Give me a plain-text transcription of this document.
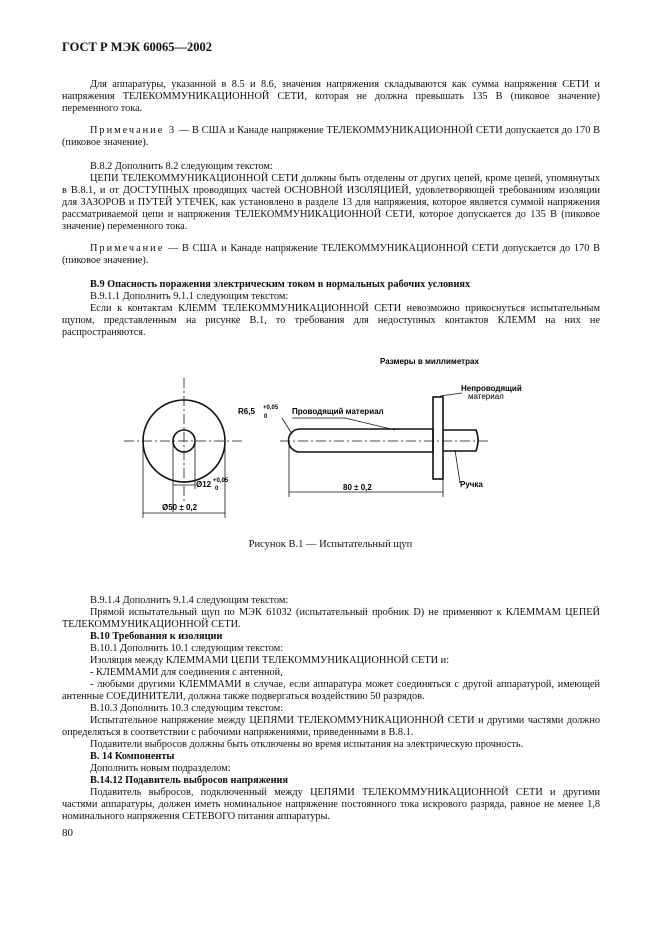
ГОСТ Р МЭК 60065—2002

Для аппаратуры, указанной в 8.5 и 8.6, значения напряжения складываются как сумма напряжения СЕТИ и напряжения ТЕЛЕКОММУНИКАЦИОННОЙ СЕТИ, которая не должна превышать 135 В (пиковое значение) переменного тока.

Примечание 3 — В США и Канаде напряжение ТЕЛЕКОММУНИКАЦИОННОЙ СЕТИ допускается до 170 В (пиковое значение).

В.8.2 Дополнить 8.2 следующим текстом:

ЦЕПИ ТЕЛЕКОММУНИКАЦИОННОЙ СЕТИ должны быть отделены от других цепей, кроме цепей, упомянутых в В.8.1, и от ДОСТУПНЫХ проводящих частей ОСНОВНОЙ ИЗОЛЯЦИЕЙ, удовлетворяющей требованиям изоляции для ЗАЗОРОВ и ПУТЕЙ УТЕЧЕК, как установлено в разделе 13 для напряжения, которое является суммой напряжения рассматриваемой цепи и напряжения ТЕЛЕКОММУНИКАЦИОННОЙ СЕТИ, которое допускается до 135 В (пиковое значение) переменного тока.

Примечание — В США и Канаде напряжение ТЕЛЕКОММУНИКАЦИОННОЙ СЕТИ допускается до 170 В (пиковое значение).

В.9 Опасность поражения электрическим током в нормальных рабочих условиях

В.9.1.1 Дополнить 9.1.1 следующим текстом:

Если к контактам КЛЕММ ТЕЛЕКОММУНИКАЦИОННОЙ СЕТИ невозможно прикоснуться испытательным щупом, представленным на рисунке В.1, то требования для недоступных контактов КЛЕММ на них не распространяются.

Размеры в миллиметрах
Ø12 +0,05
0
Ø50 ± 0,2
R6,5 +0,05
0
Проводящий материал
Непроводящий
материал
Ручка
80 ± 0,2
Рисунок В.1 — Испытательный щуп

В.9.1.4 Дополнить 9.1.4 следующим текстом:

Прямой испытательный щуп по МЭК 61032 (испытательный пробник D) не применяют к КЛЕММАМ ЦЕПЕЙ ТЕЛЕКОММУНИКАЦИОННОЙ СЕТИ.

В.10 Требования к изоляции

В.10.1 Дополнить 10.1 следующим текстом:

Изоляция между КЛЕММАМИ ЦЕПИ ТЕЛЕКОММУНИКАЦИОННОЙ СЕТИ и:

- КЛЕММАМИ для соединения с антенной,

- любыми другими КЛЕММАМИ в случае, если аппаратура может соединяться с другой аппаратурой, имеющей антенные СОЕДИНИТЕЛИ, должна также подвергаться воздействию 50 разрядов.

В.10.3 Дополнить 10.3 следующим текстом:

Испытательное напряжение между ЦЕПЯМИ ТЕЛЕКОММУНИКАЦИОННОЙ СЕТИ и другими частями должно определяться в соответствии с рабочими напряжениями, приведенными в В.8.1.

Подавители выбросов должны быть отключены во время испытания на электрическую прочность.

В. 14 Компоненты

Дополнить новым подразделом:

В.14.12 Подавитель выбросов напряжения

Подавитель выбросов, подключенный между ЦЕПЯМИ ТЕЛЕКОММУНИКАЦИОННОЙ СЕТИ и другими частями аппаратуры, должен иметь номинальное напряжение постоянного тока искрового разряда, равное не менее 1,8 номинального напряжения СЕТЕВОГО питания аппаратуры.

80
